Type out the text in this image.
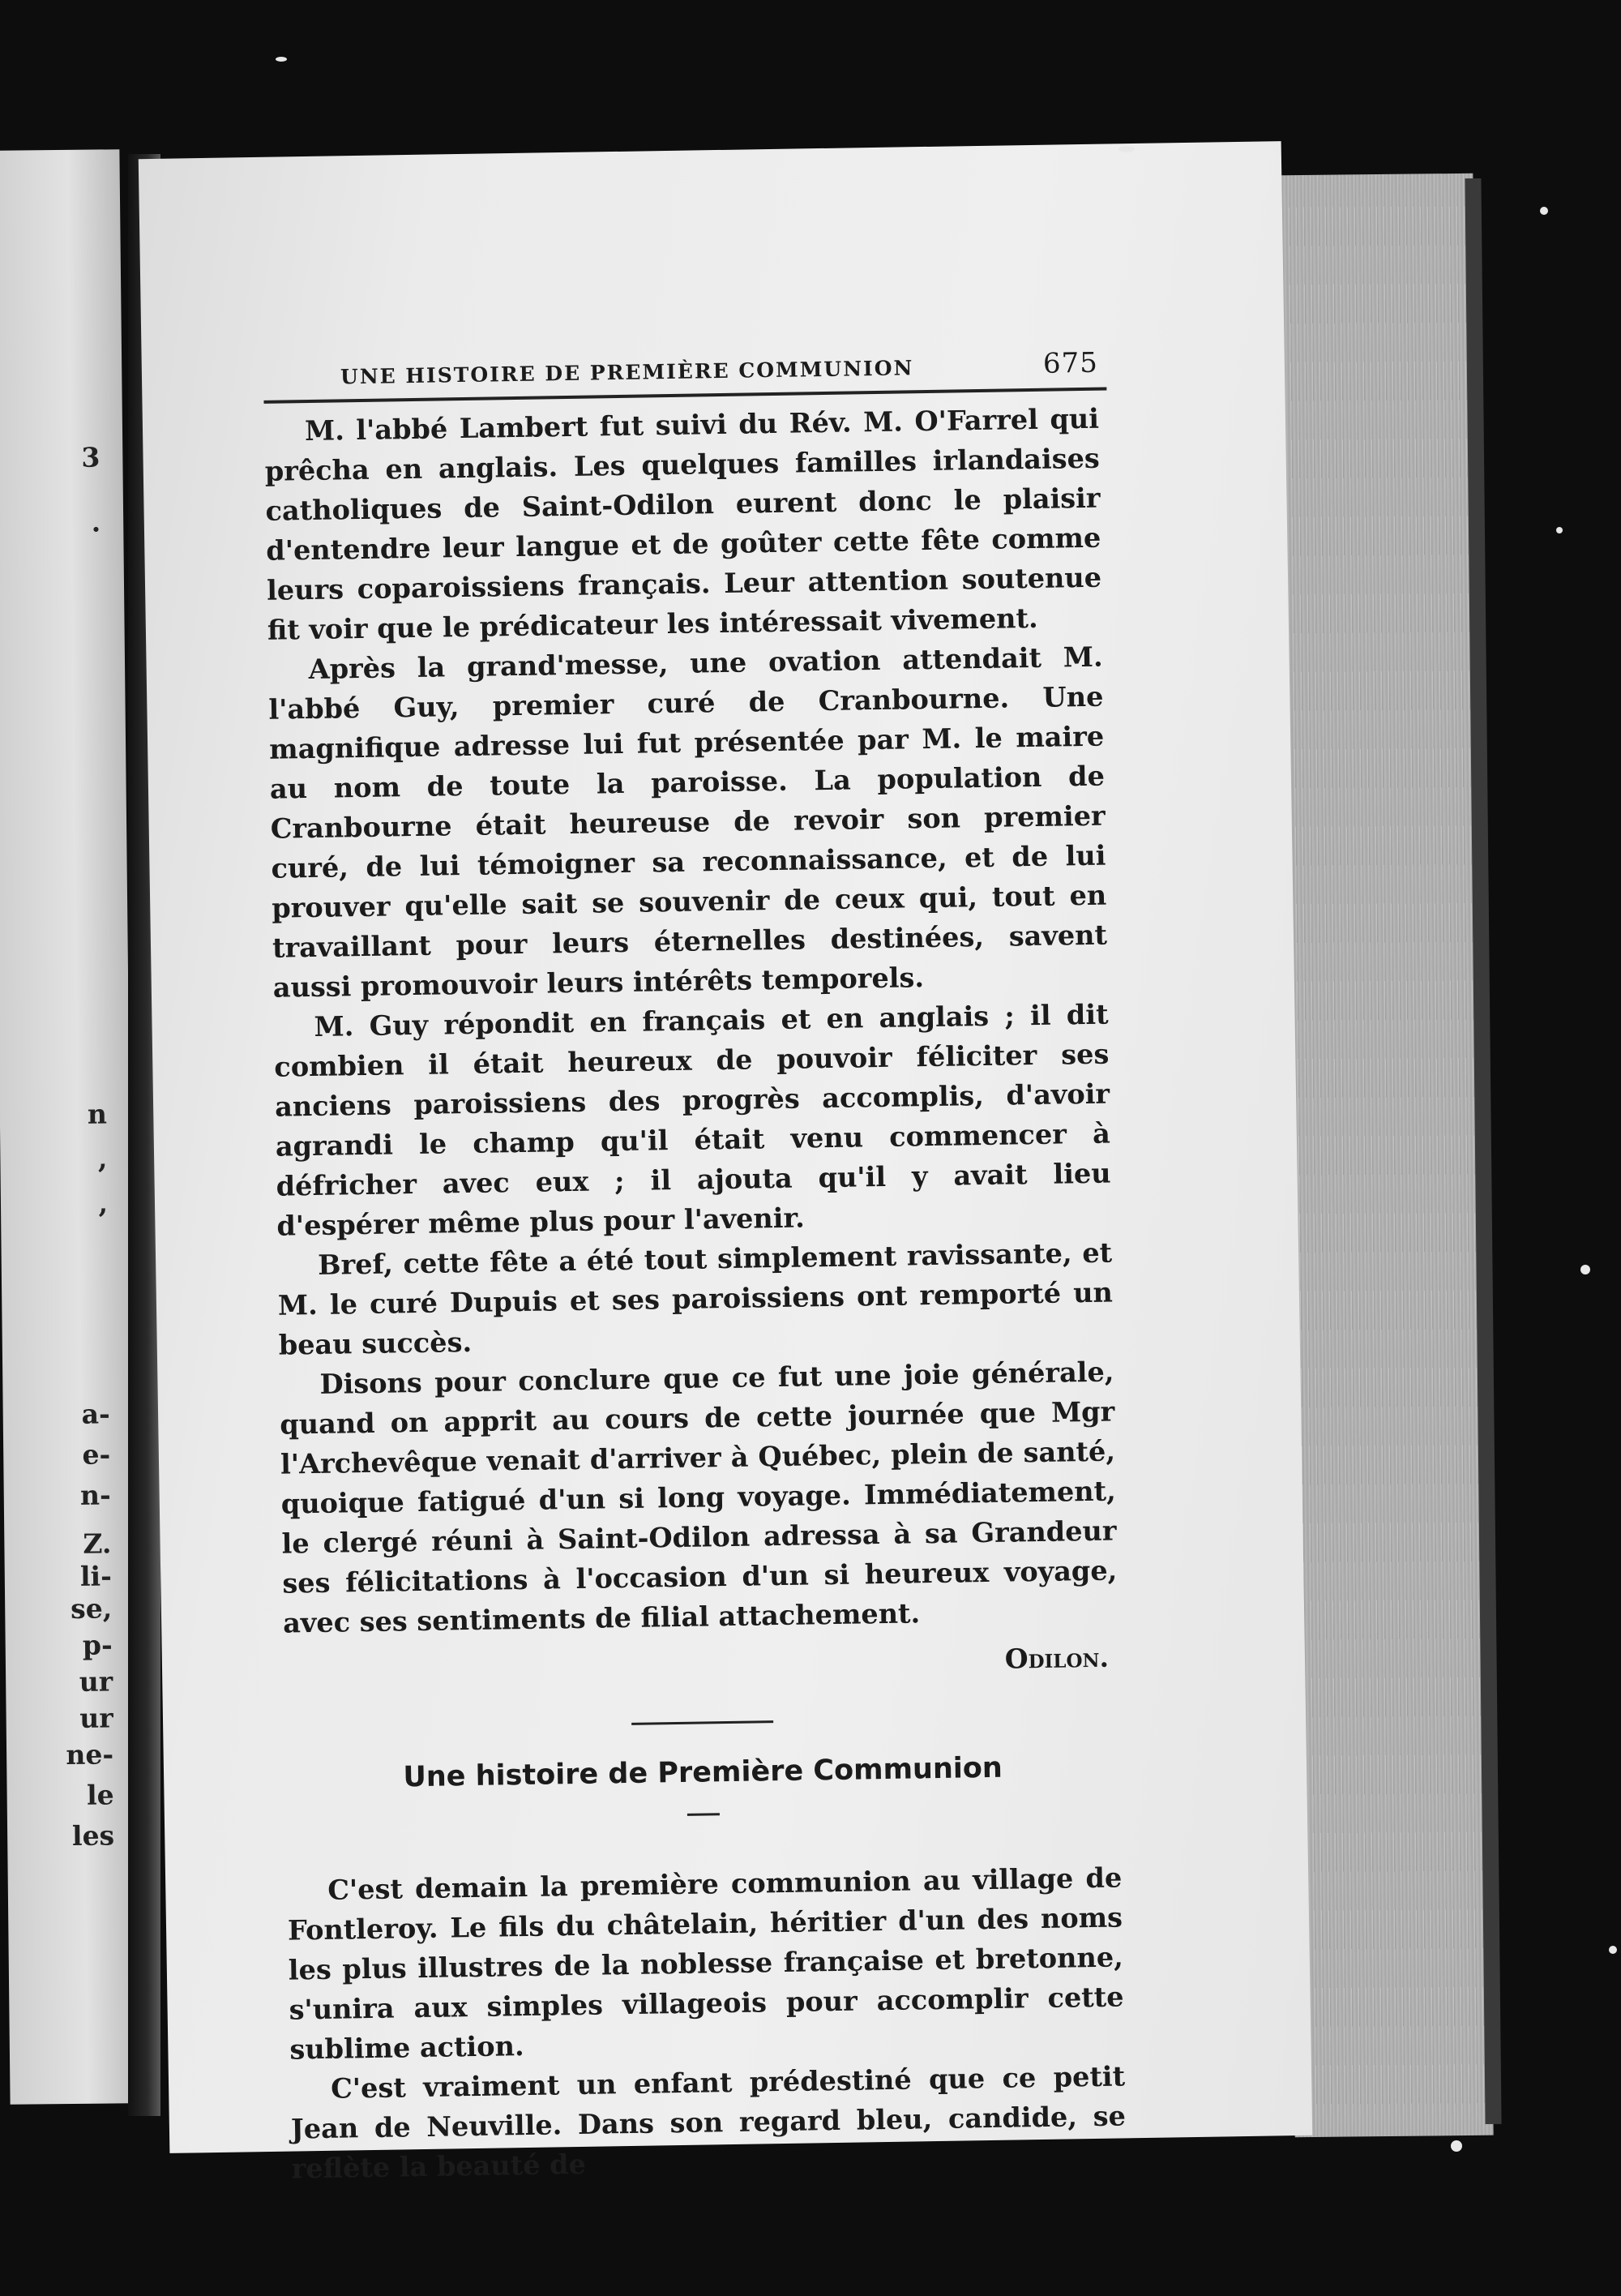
3
.
n
,
,
a-
e-
n-
Z.
li-
se,
p-
ur
ur
ne-
le
les
UNE HISTOIRE DE PREMIÈRE COMMUNION	675

M. l'abbé Lambert fut suivi du Rév. M. O'Farrel qui prêcha en anglais. Les quelques familles irlandaises catholiques de Saint-Odilon eurent donc le plaisir d'entendre leur langue et de goûter cette fête comme leurs coparoissiens français. Leur attention soutenue fit voir que le prédicateur les intéressait vivement.

Après la grand'messe, une ovation attendait M. l'abbé Guy, premier curé de Cranbourne. Une magnifique adresse lui fut présentée par M. le maire au nom de toute la paroisse. La population de Cranbourne était heureuse de revoir son premier curé, de lui témoigner sa reconnaissance, et de lui prouver qu'elle sait se souvenir de ceux qui, tout en travaillant pour leurs éternelles destinées, savent aussi promouvoir leurs intérêts temporels.

M. Guy répondit en français et en anglais ; il dit combien il était heureux de pouvoir féliciter ses anciens paroissiens des progrès accomplis, d'avoir agrandi le champ qu'il était venu commencer à défricher avec eux ; il ajouta qu'il y avait lieu d'espérer même plus pour l'avenir.

Bref, cette fête a été tout simplement ravissante, et M. le curé Dupuis et ses paroissiens ont remporté un beau succès.

Disons pour conclure que ce fut une joie générale, quand on apprit au cours de cette journée que Mgr l'Archevêque venait d'arriver à Québec, plein de santé, quoique fatigué d'un si long voyage. Immédiatement, le clergé réuni à Saint-Odilon adressa à sa Grandeur ses félicitations à l'occasion d'un si heureux voyage, avec ses sentiments de filial attachement.

Odilon.
Une histoire de Première Communion

C'est demain la première communion au village de Fontleroy. Le fils du châtelain, héritier d'un des noms les plus illustres de la noblesse française et bretonne, s'unira aux simples villageois pour accomplir cette sublime action.

C'est vraiment un enfant prédestiné que ce petit Jean de Neuville. Dans son regard bleu, candide, se reflète la beauté de
